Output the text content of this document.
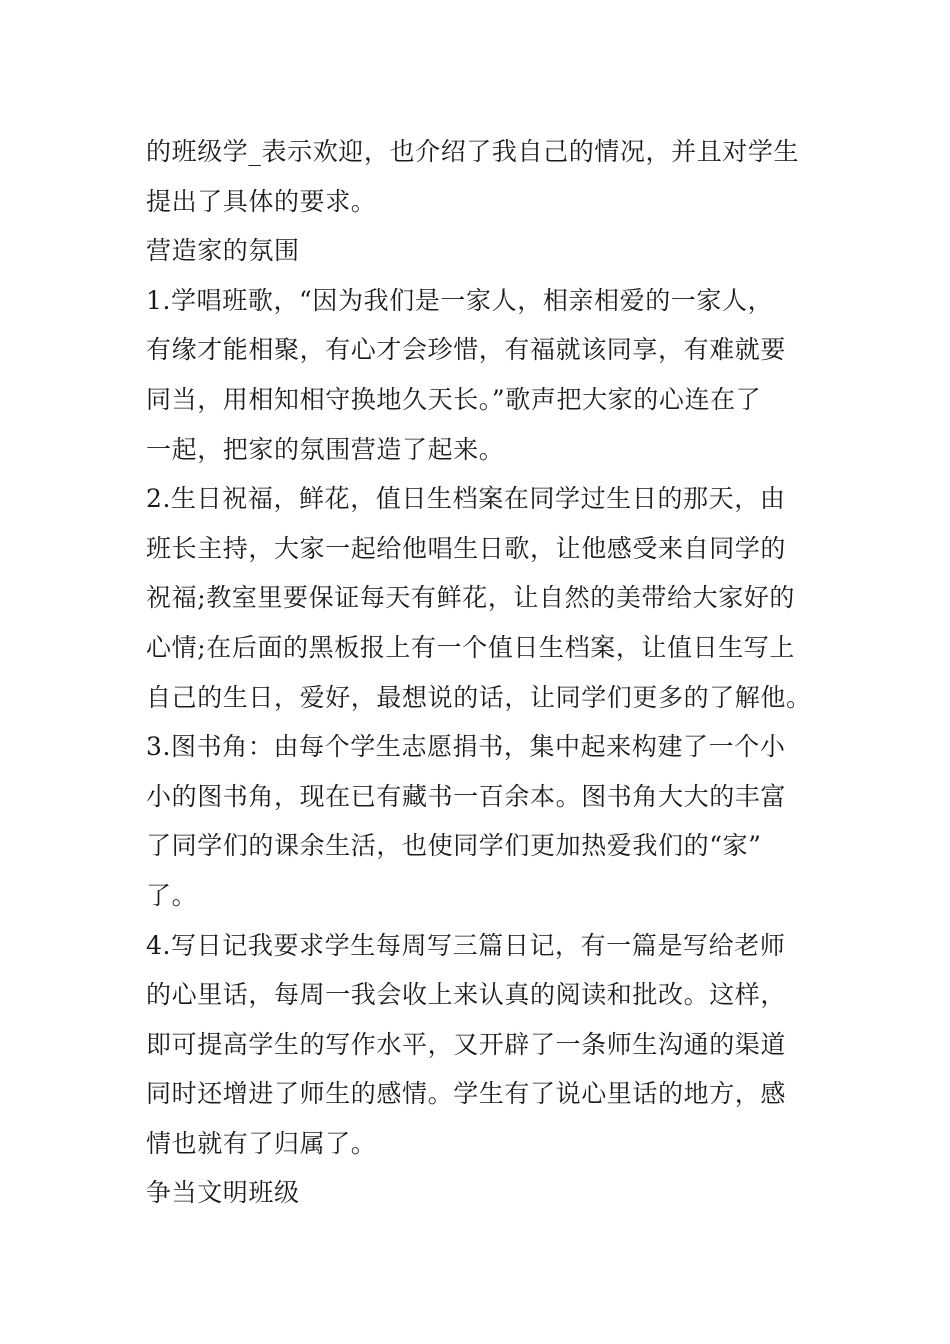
的班级学_表示欢迎，也介绍了我自己的情况，并且对学生
提出了具体的要求。
营造家的氛围
1.学唱班歌，“因为我们是一家人，相亲相爱的一家人，
有缘才能相聚，有心才会珍惜，有福就该同享，有难就要
同当，用相知相守换地久天长。”歌声把大家的心连在了
一起，把家的氛围营造了起来。
2.生日祝福，鲜花，值日生档案在同学过生日的那天，由
班长主持，大家一起给他唱生日歌，让他感受来自同学的
祝福;教室里要保证每天有鲜花，让自然的美带给大家好的
心情;在后面的黑板报上有一个值日生档案，让值日生写上
自己的生日，爱好，最想说的话，让同学们更多的了解他。
3.图书角：由每个学生志愿捐书，集中起来构建了一个小
小的图书角，现在已有藏书一百余本。图书角大大的丰富
了同学们的课余生活，也使同学们更加热爱我们的“家”
了。
4.写日记我要求学生每周写三篇日记，有一篇是写给老师
的心里话，每周一我会收上来认真的阅读和批改。这样，
即可提高学生的写作水平，又开辟了一条师生沟通的渠道
同时还增进了师生的感情。学生有了说心里话的地方，感
情也就有了归属了。
争当文明班级
